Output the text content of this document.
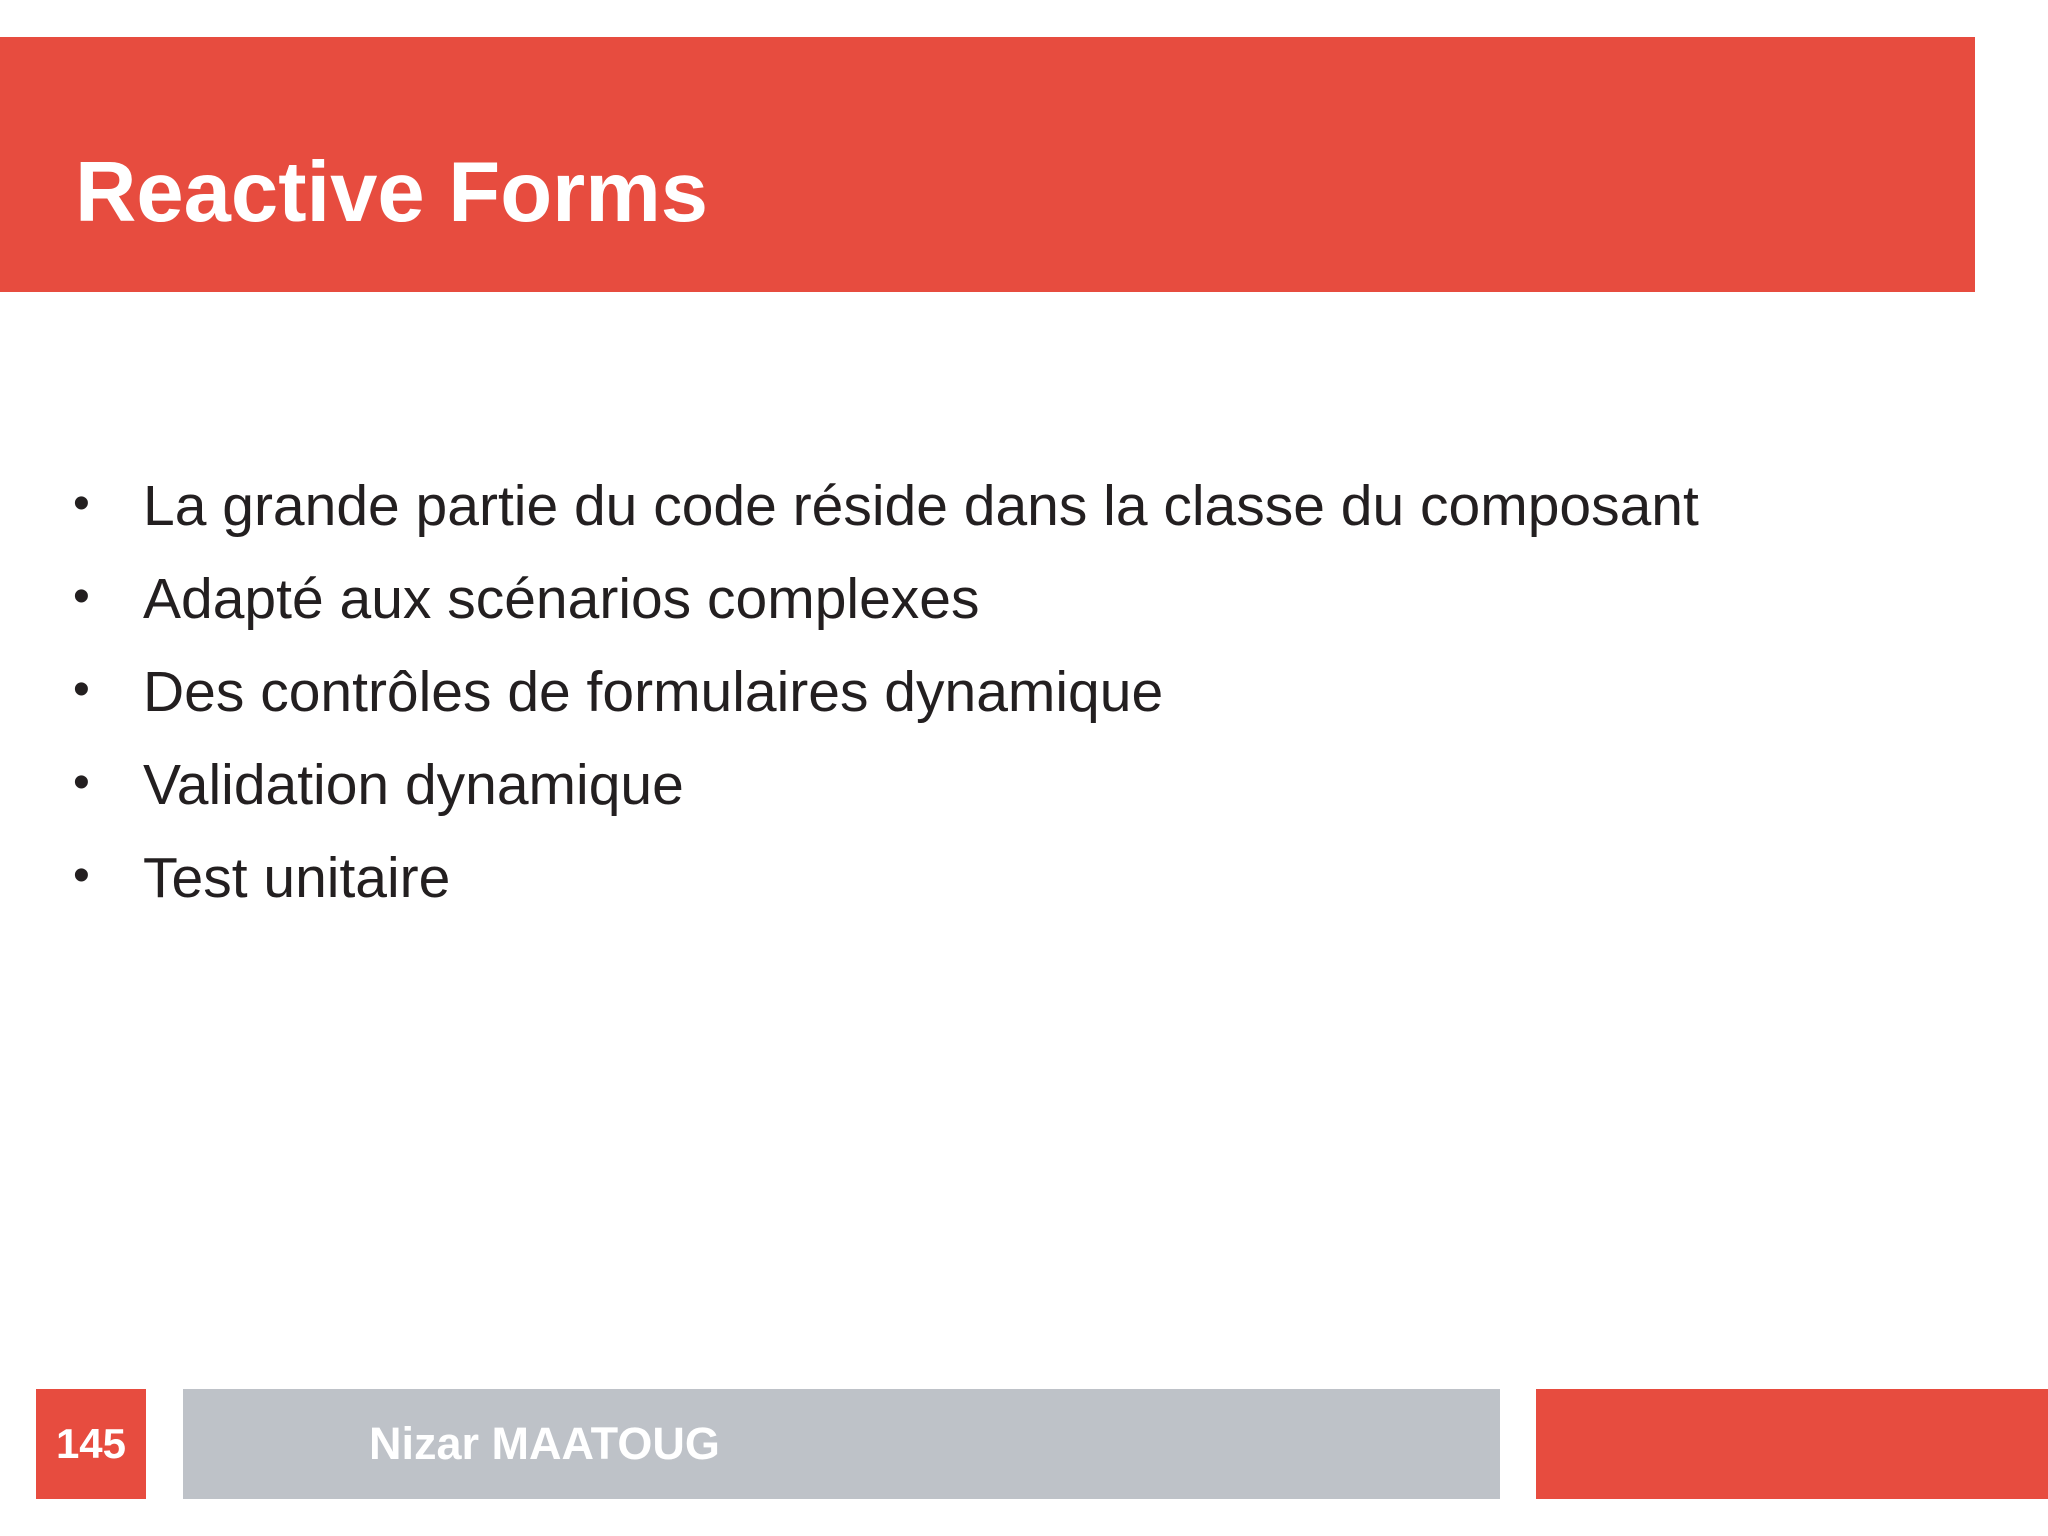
Reactive Forms
• La grande partie du code réside dans la classe du composant
• Adapté aux scénarios complexes
• Des contrôles de formulaires dynamique
• Validation dynamique
• Test unitaire
145	Nizar MAATOUG
